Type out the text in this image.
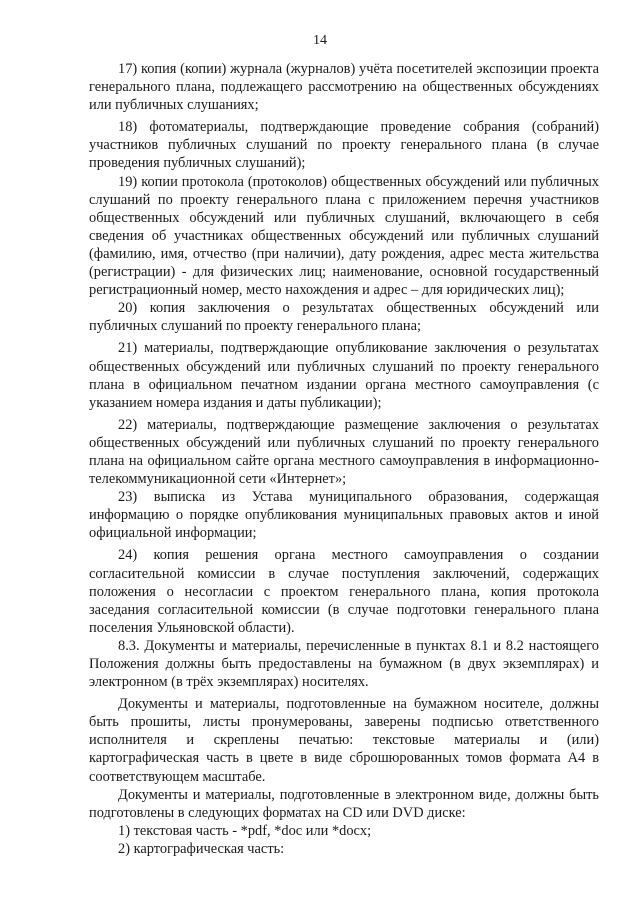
14

17) копия (копии) журнала (журналов) учёта посетителей экспозиции проекта генерального плана, подлежащего рассмотрению на общественных обсуждениях или публичных слушаниях;

18) фотоматериалы, подтверждающие проведение собрания (собраний) участников публичных слушаний по проекту генерального плана (в случае проведения публичных слушаний);

19) копии протокола (протоколов) общественных обсуждений или публичных слушаний по проекту генерального плана с приложением перечня участников общественных обсуждений или публичных слушаний, включающего в себя сведения об участниках общественных обсуждений или публичных слушаний (фамилию, имя, отчество (при наличии), дату рождения, адрес места жительства (регистрации) - для физических лиц; наименование, основной государственный регистрационный номер, место нахождения и адрес – для юридических лиц);

20) копия заключения о результатах общественных обсуждений или публичных слушаний по проекту генерального плана;

21) материалы, подтверждающие опубликование заключения о результатах общественных обсуждений или публичных слушаний по проекту генерального плана в официальном печатном издании органа местного самоуправления (с указанием номера издания и даты публикации);

22) материалы, подтверждающие размещение заключения о результатах общественных обсуждений или публичных слушаний по проекту генерального плана на официальном сайте органа местного самоуправления в информационно-телекоммуникационной сети «Интернет»;

23) выписка из Устава муниципального образования, содержащая информацию о порядке опубликования муниципальных правовых актов и иной официальной информации;

24) копия решения органа местного самоуправления о создании согласительной комиссии в случае поступления заключений, содержащих положения о несогласии с проектом генерального плана, копия протокола заседания согласительной комиссии (в случае подготовки генерального плана поселения Ульяновской области).

8.3. Документы и материалы, перечисленные в пунктах 8.1 и 8.2 настоящего Положения должны быть предоставлены на бумажном (в двух экземплярах) и электронном (в трёх экземплярах) носителях.

Документы и материалы, подготовленные на бумажном носителе, должны быть прошиты, листы пронумерованы, заверены подписью ответственного исполнителя и скреплены печатью: текстовые материалы и (или) картографическая часть в цвете в виде сброшюрованных томов формата А4 в соответствующем масштабе.

Документы и материалы, подготовленные в электронном виде, должны быть подготовлены в следующих форматах на CD или DVD диске:

1) текстовая часть - *pdf, *doc или *docx;

2) картографическая часть:
